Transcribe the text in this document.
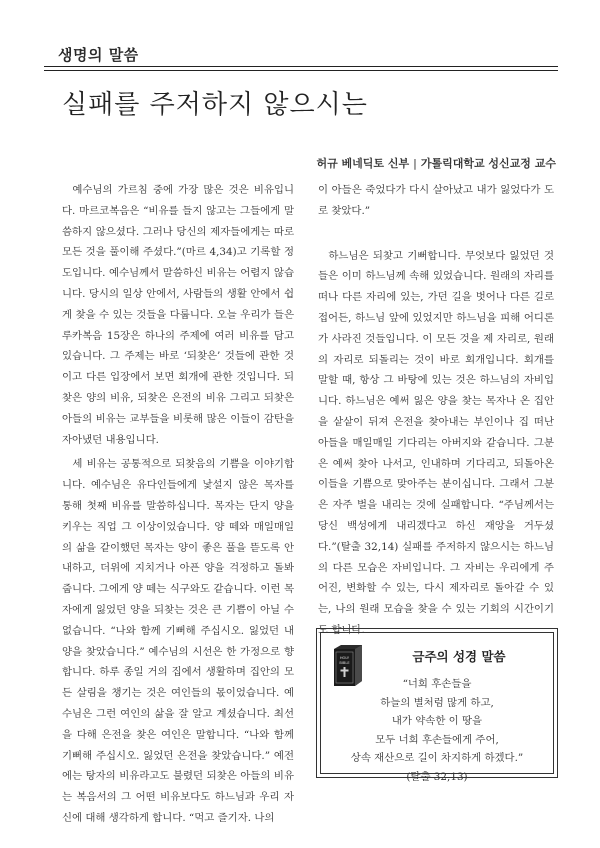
생명의 말씀
실패를 주저하지 않으시는
허규 베네딕토 신부 | 가톨릭대학교 성신교정 교수

예수님의 가르침 중에 가장 많은 것은 비유입니다. 마르코복음은 “비유를 들지 않고는 그들에게 말씀하지 않으셨다. 그러나 당신의 제자들에게는 따로 모든 것을 풀이해 주셨다.”(마르 4,34)고 기록할 정도입니다. 예수님께서 말씀하신 비유는 어렵지 않습니다. 당시의 일상 안에서, 사람들의 생활 안에서 쉽게 찾을 수 있는 것들을 다룹니다. 오늘 우리가 들은 루카복음 15장은 하나의 주제에 여러 비유를 담고 있습니다. 그 주제는 바로 ‘되찾은’ 것들에 관한 것이고 다른 입장에서 보면 회개에 관한 것입니다. 되찾은 양의 비유, 되찾은 은전의 비유 그리고 되찾은 아들의 비유는 교부들을 비롯해 많은 이들이 감탄을 자아냈던 내용입니다.

세 비유는 공통적으로 되찾음의 기쁨을 이야기합니다. 예수님은 유다인들에게 낯설지 않은 목자를 통해 첫째 비유를 말씀하십니다. 목자는 단지 양을 키우는 직업 그 이상이었습니다. 양 떼와 매일매일의 삶을 같이했던 목자는 양이 좋은 풀을 뜯도록 안내하고, 더위에 지치거나 아픈 양을 걱정하고 돌봐줍니다. 그에게 양 떼는 식구와도 같습니다. 이런 목자에게 잃었던 양을 되찾는 것은 큰 기쁨이 아닐 수 없습니다. “나와 함께 기뻐해 주십시오. 잃었던 내 양을 찾았습니다.” 예수님의 시선은 한 가정으로 향합니다. 하루 종일 거의 집에서 생활하며 집안의 모든 살림을 챙기는 것은 여인들의 몫이었습니다. 예수님은 그런 여인의 삶을 잘 알고 계셨습니다. 최선을 다해 은전을 찾은 여인은 말합니다. “나와 함께 기뻐해 주십시오. 잃었던 은전을 찾았습니다.” 예전에는 탕자의 비유라고도 불렸던 되찾은 아들의 비유는 복음서의 그 어떤 비유보다도 하느님과 우리 자신에 대해 생각하게 합니다. “먹고 즐기자. 나의

이 아들은 죽었다가 다시 살아났고 내가 잃었다가 도로 찾았다.”

하느님은 되찾고 기뻐합니다. 무엇보다 잃었던 것들은 이미 하느님께 속해 있었습니다. 원래의 자리를 떠나 다른 자리에 있는, 가던 길을 벗어나 다른 길로 접어든, 하느님 앞에 있었지만 하느님을 피해 어디론가 사라진 것들입니다. 이 모든 것을 제 자리로, 원래의 자리로 되돌리는 것이 바로 회개입니다. 회개를 말할 때, 항상 그 바탕에 있는 것은 하느님의 자비입니다. 하느님은 예써 잃은 양을 찾는 목자나 온 집안을 샅샅이 뒤져 은전을 찾아내는 부인이나 집 떠난 아들을 매일매일 기다리는 아버지와 같습니다. 그분은 예써 찾아 나서고, 인내하며 기다리고, 되돌아온 이들을 기쁨으로 맞아주는 분이십니다. 그래서 그분은 자주 벌을 내리는 것에 실패합니다. “주님께서는 당신 백성에게 내리겠다고 하신 재앙을 거두셨다.”(탈출 32,14) 실패를 주저하지 않으시는 하느님의 다른 모습은 자비입니다. 그 자비는 우리에게 주어진, 변화할 수 있는, 다시 제자리로 돌아갈 수 있는, 나의 원래 모습을 찾을 수 있는 기회의 시간이기도 합니다.

HOLY
BIBLE	금주의 성경 말씀
“너희 후손들을
하늘의 별처럼 많게 하고,
내가 약속한 이 땅을
모두 너희 후손들에게 주어,
상속 재산으로 길이 차지하게 하겠다.”
(탈출 32,13)
